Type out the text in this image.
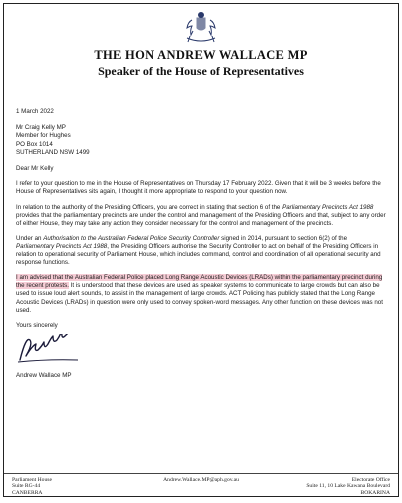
THE HON ANDREW WALLACE MP
Speaker of the House of Representatives

1 March 2022

Mr Craig Kelly MP
Member for Hughes
PO Box 1014
SUTHERLAND NSW 1499

Dear Mr Kelly

I refer to your question to me in the House of Representatives on Thursday 17 February 2022. Given that it will be 3 weeks before the House of Representatives sits again, I thought it more appropriate to respond to your question now.

In relation to the authority of the Presiding Officers, you are correct in stating that section 6 of the Parliamentary Precincts Act 1988 provides that the parliamentary precincts are under the control and management of the Presiding Officers and that, subject to any order of either House, they may take any action they consider necessary for the control and management of the precincts.

Under an Authorisation to the Australian Federal Police Security Controller signed in 2014, pursuant to section 6(2) of the Parliamentary Precincts Act 1988, the Presiding Officers authorise the Security Controller to act on behalf of the Presiding Officers in relation to operational security of Parliament House, which includes command, control and coordination of all operational security and response functions.

I am advised that the Australian Federal Police placed Long Range Acoustic Devices (LRADs) within the parliamentary precinct during the recent protests. It is understood that these devices are used as speaker systems to communicate to large crowds but can also be used to issue loud alert sounds, to assist in the management of large crowds. ACT Policing has publicly stated that the Long Range Acoustic Devices (LRADs) in question were only used to convey spoken-word messages. Any other function on these devices was not used.

Yours sincerely

Andrew Wallace MP

Parliament House
Suite RG-44
CANBERRA
Andrew.Wallace.MP@aph.gov.au	Electorate Office
Suite 11, 10 Lake Kawana Boulevard
BOKARINA
